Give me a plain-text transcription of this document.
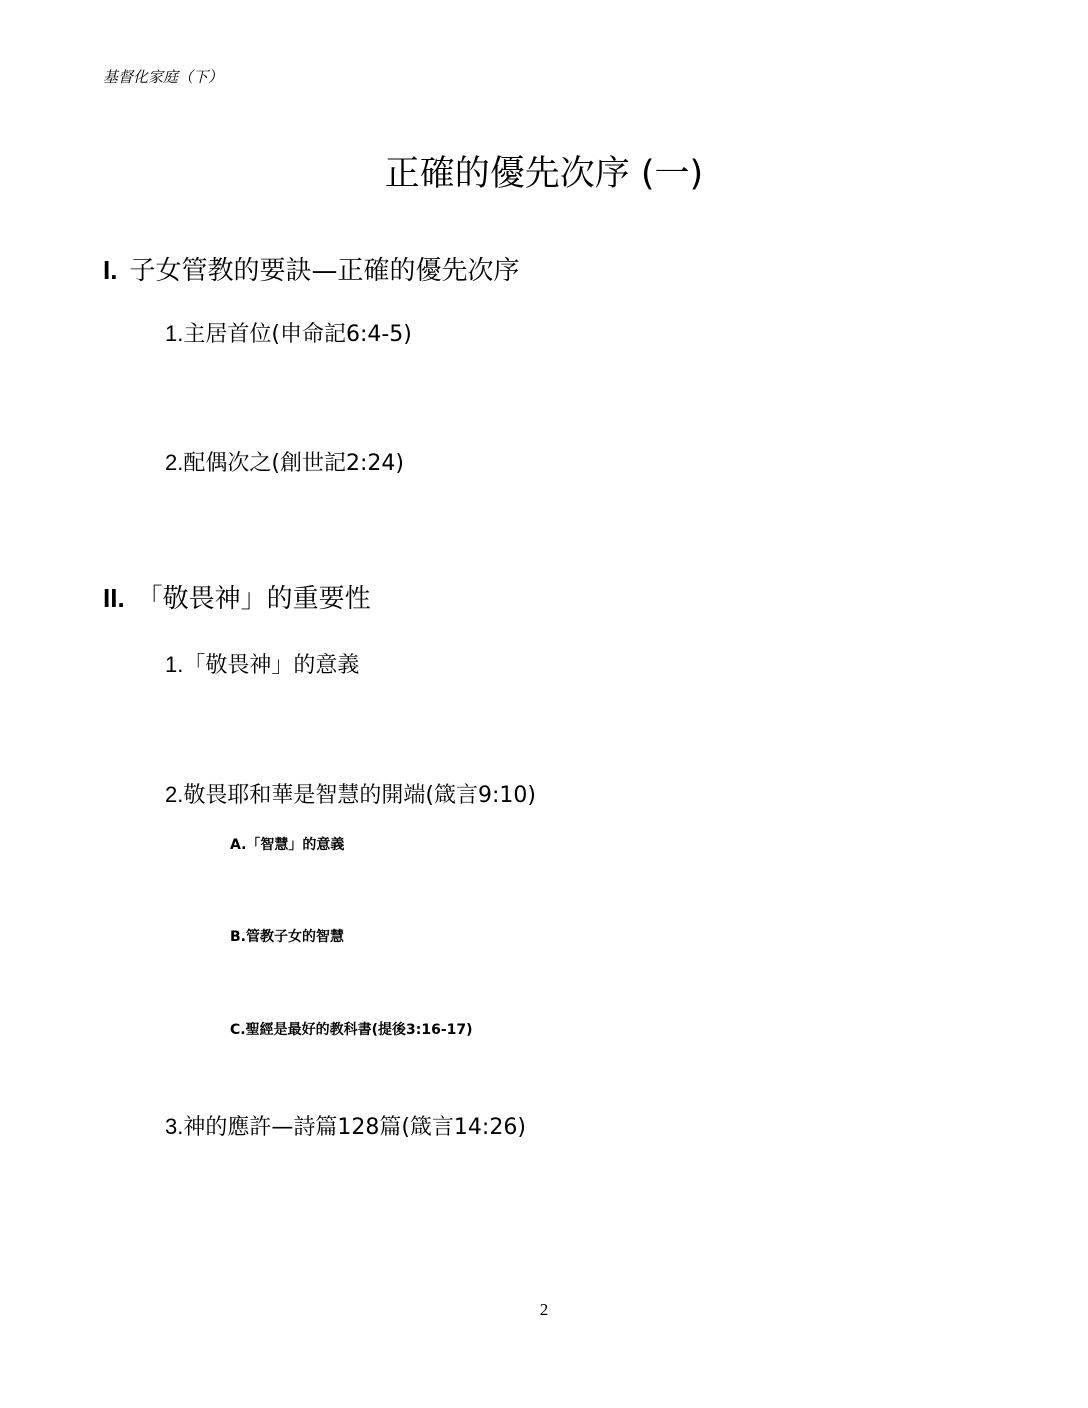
基督化家庭（下）
正確的優先次序 (一)
I. 子女管教的要訣—正確的優先次序
1.主居首位(申命記6:4-5)
2.配偶次之(創世記2:24)
II. 「敬畏神」的重要性
1.「敬畏神」的意義
2.敬畏耶和華是智慧的開端(箴言9:10)
A.「智慧」的意義
B.管教子女的智慧
C.聖經是最好的教科書(提後3:16-17)
3.神的應許—詩篇128篇(箴言14:26)
2
